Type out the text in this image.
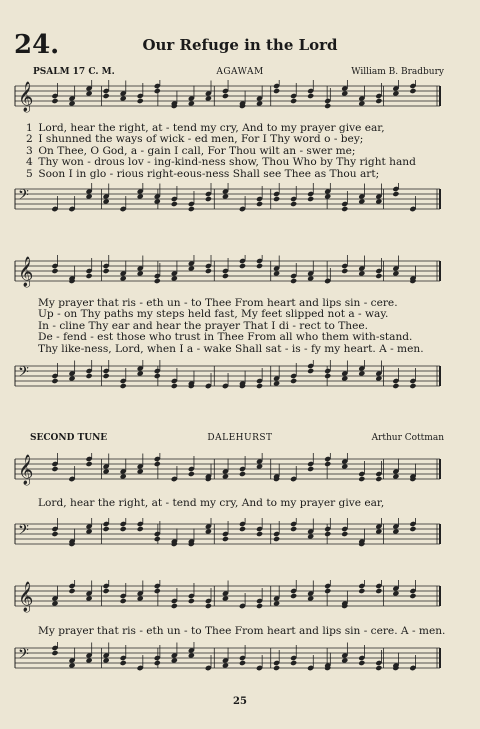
24.	Our Refuge in the Lord
PSALM 17 C. M.	AGAWAM	William B. Bradbury
𝄞
1 Lord, hear the right, at - tend my cry, And to my prayer give ear,
2 I shunned the ways of wick - ed men, For I Thy word o - bey;
3 On Thee, O God, a - gain I call, For Thou wilt an - swer me;
4 Thy won - drous lov - ing-kind-ness show, Thou Who by Thy right hand
5 Soon I in glo - rious right-eous-ness Shall see Thee as Thou art;
𝄢
𝄞
My prayer that ris - eth un - to Thee From heart and lips sin - cere.
Up - on Thy paths my steps held fast, My feet slipped not a - way.
In - cline Thy ear and hear the prayer That I di - rect to Thee.
De - fend - est those who trust in Thee From all who them with-stand.
Thy like-ness, Lord, when I a - wake Shall sat - is - fy my heart. A - men.
𝄢
SECOND TUNE	DALEHURST	Arthur Cottman
𝄞
Lord, hear the right, at - tend my cry, And to my prayer give ear,
𝄢
𝄞
My prayer that ris - eth un - to Thee From heart and lips sin - cere. A - men.
𝄢
25
